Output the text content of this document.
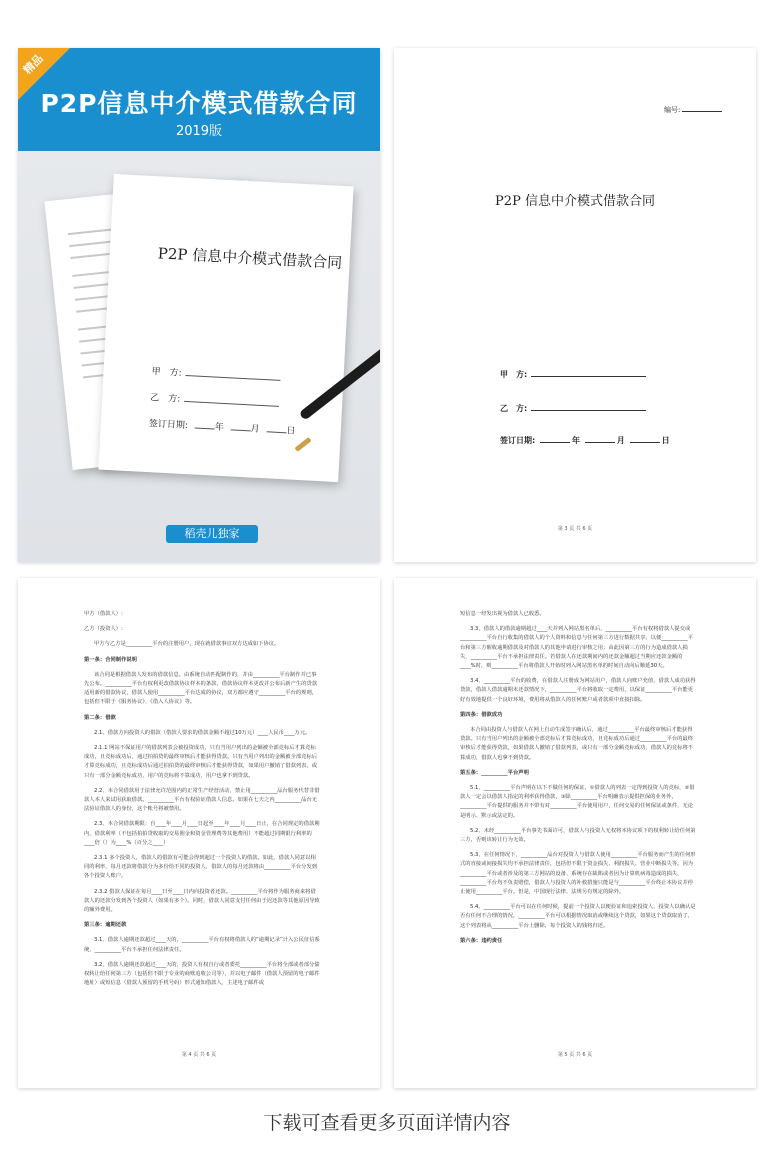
精品
P2P信息中介模式借款合同
2019版
P2P 信息中介模式借款合同
甲　方:
乙　方:
签订日期:	年	月	日
稻壳儿独家
编号:
P2P 信息中介模式借款合同
甲　方:
乙　方:
签订日期:	年	月	日
第 3 页 共 6 页

甲方（借款人）:

乙方（投资人）:

甲方与乙方是__________平台的注册用户，现在就借款事宜双方达成如下协议。

第一条：合同制作说明

该合同是根据借款人发布的借款信息，由系统自动匹配制作的，并由__________平台制作并已事先公布。__________平台有权利更改借款协议样本的条款，借款协议样本更改并公布后新产生的贷款适用新的借款协议，借款人使用__________平台达成的协议，双方都应遵守__________平台的规则，包括但不限于《服务协议》、《借入人协议》等。

第二条：借款

2.1、借款方向投资人的借款（借款人要求的借款金额不超过10万元）____人民币____万元。

2.1.1 网站不保证用户的借款列表会被投资成功，只有当用户列出的金额被全部竞标后才算竞标成功，且竞标成功后，通过拍拍贷的最终审核后才能获得贷款。只有当用户列出的金额被全部竞标后才算竞标成功，且竞标成功后通过拍拍贷的最终审核后才能获得贷款，如果用户撤销了借款列表，或只有一部分金额竞标成功，用户的竞标将不算成功，用户也拿不到贷款。

2.2、本合同借款用于法律允许范围内的正常生产经营活动，禁止用__________品台服务代替非借款人本人来试用获取借款。__________平台有权验证借款人信息。如果在七天之内__________品台无法验证借款人的身份，这个帐号将被禁用。

2.3、本合同借款期限：自____年____月____日起至____年____月____日止，在合同规定的借款期内，借款利率（不包括拍拍贷收取的交易佣金和资金管理费等其他费用）不能超过同期银行利率的____倍（）为____%（百分之____）

2.3.1 多个投资人，借款人的借款有可能会得到超过一个投资人的借款。如此，借款人同意以相同的利率，每月还款将借款分为多份给不同的投资人，借款人的每月还款将由__________平台分发到各个投资人账户。

2.3.2 借款人保证在每月____日至____日内向投资者还款。__________平台将作为服务商来将借款人的还款分发到各个投资人（如果有多个）。同时，借款人同意支付任何由于迟还款等其他原因导致的额外费用。

第三条：逾期还款

3.1、借款人逾期还款超过____天的，__________平台有权将借款人的“逾期记录”计入公民征信系统，__________平台不承担任何法律责任。

3.2、借款人逾期还款超过____天的，投资人有权自行或者委托__________平台将全部或者部分债权转让给任何第三方（包括但不限于专业的商账追收公司等），并以电子邮件（借款人预留的电子邮件地址）或短信息（借款人预留的手机号码）形式通知借款人，主述电子邮件或

第 4 页 共 6 页

短信息一经发出视为借款人已收悉。

3.3、借款人的借款逾期超过____天并列入网站黑名单后，__________平台有权将借款人提交或__________平台自行收集的借款人的个人资料和信息与任何第三方进行数据共享，以便__________平台和第三方催收逾期借款及对借款人的其他申请进行审核之用；由此因第三方的行为造成借款人损失，__________平台不承担法律责任。若借款人在还款期间内的还款金额超过当期应还款金额的____%时，则__________平台将借款人开始时列入网站黑名单的时间自动向后顺延30天。

3.4、__________平台的收费，在借款人注册成为网站用户，借款人向账户充值，借款人成功获得贷款，借款人借款逾期未还款情况下，__________平台将收取一定费用，以保证__________平台能更好有效地提供一个良好环境，费用将从借款人的任何账户或者款项中直接扣除。

第四条：借款成功

本合同由投资人与借款人在网上自动生成签字确认后，通过__________平台最终审核后才能获得贷款。只有当用户列出的金额被全部竞标后才算竞标成功，且竞标成功后通过__________平台的最终审核后才能获得贷款，如果借款人撤销了借款列表，或只有一部分金额竞标成功，借款人的竞标将不算成功，借款人也拿不到贷款。

第五条：__________平台声明

5.1、__________平台声明在以下不做任何的保证，①借款人的列表一定得到投资人的竞标，②借款人一定会以借款人指定的利率获得借款，③除__________平台明确表示提供担保的业务外，__________平台提供的服务并不带有对__________平台使用用户，任何交易的任何保证或条件，无论是明示、默示或法定的。

5.2、未经__________平台事先书面许可，借款人与投资人无权将本协议项下的权利转让给任何第三方，否则该转让行为无效。

5.3、在任何情况下，__________品台对投资人与借款人使用__________平台服务而产生的任何形式的直接或间接损失均不承担法律责任，包括但不限于资金损失、利润损失、营业中断损失等。因为__________平台或者涉及的第三方网站的设备、系统存在缺陷或者因为计算机病毒造成的损失，__________平台均不负责赔偿，借款人与投资人的补救措施只能是与__________平台终止本协议并停止使用__________平台。但是，中国现行法律、法规另有规定的除外。

5.4、__________平台可以在任何时候，提前一个投资人以便验证和追索投资人，投资人以确认是否有任何不合理的情况，__________平台可以根据情况取消或继续这个贷款，如果这个贷款取消了，这个列表将从__________平台上删除，每个投资人的钱将归还。

第六条：违约责任

第 5 页 共 6 页
下载可查看更多页面详情内容
